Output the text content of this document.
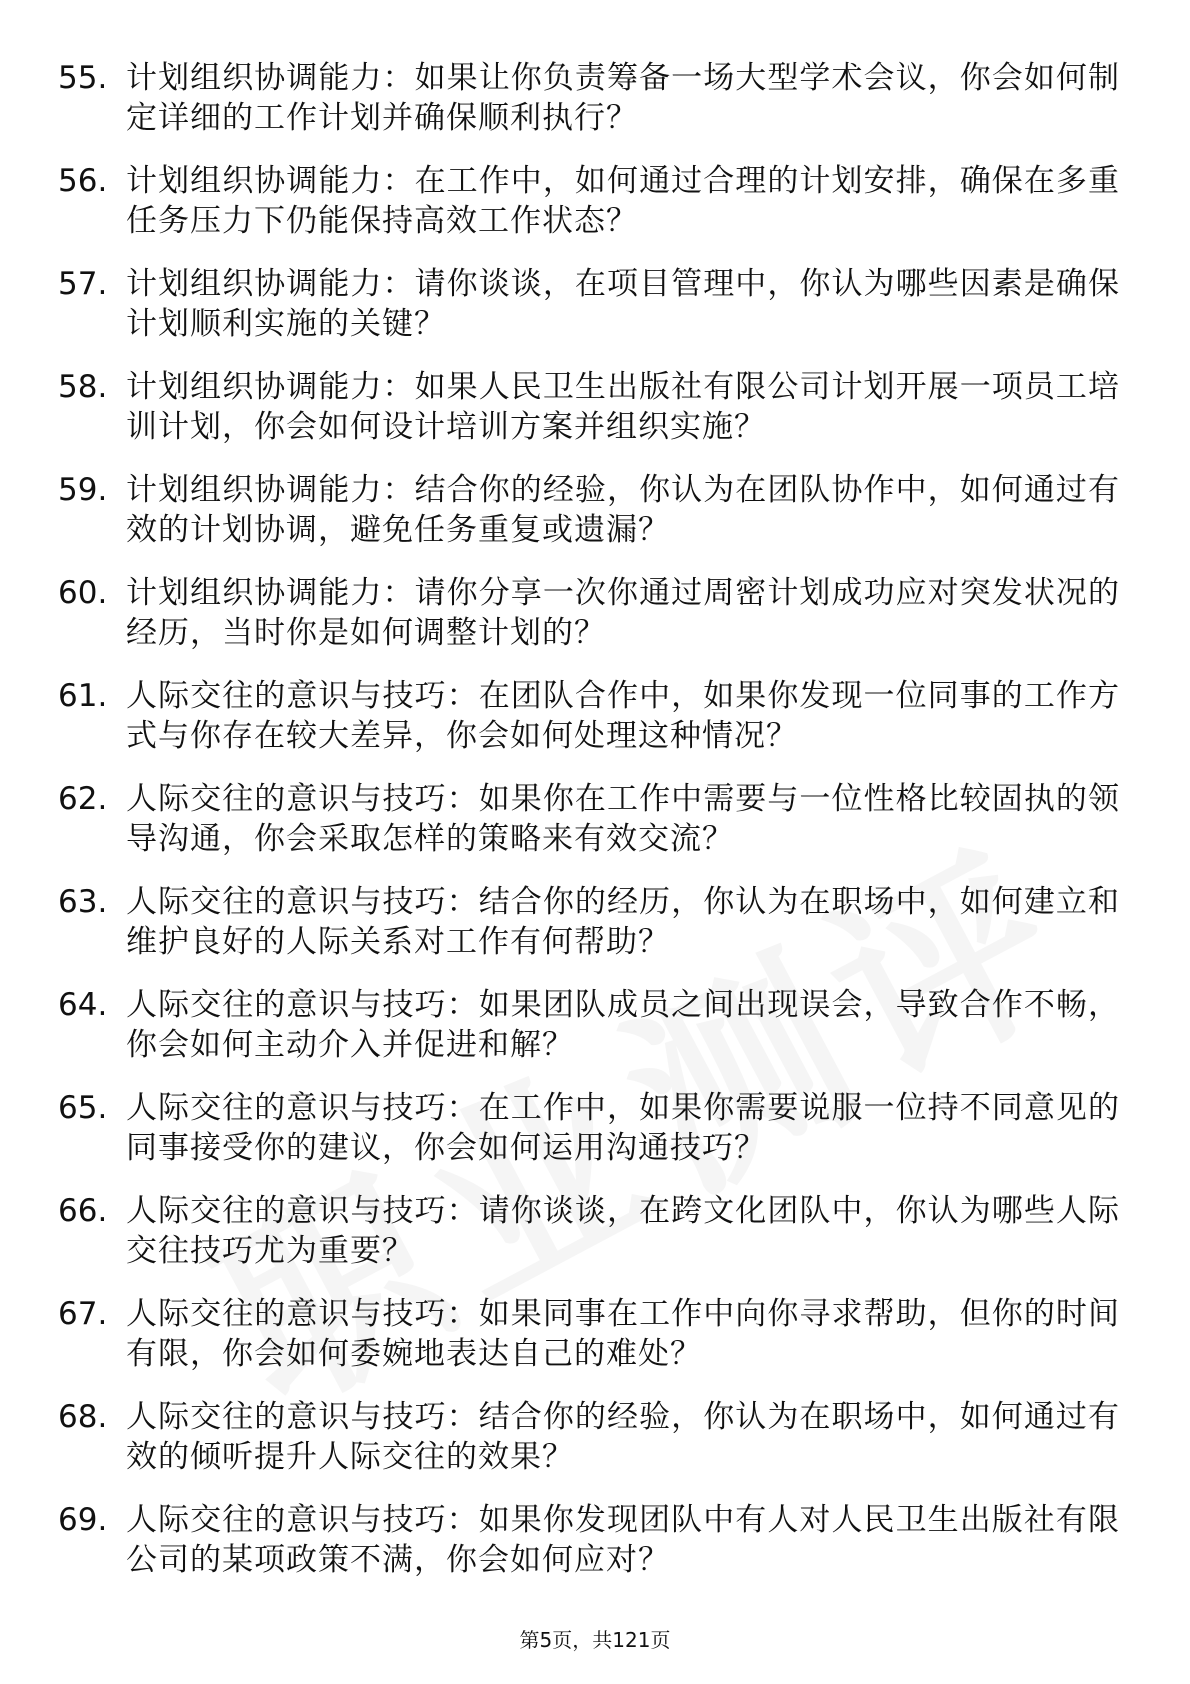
55. 计划组织协调能力：如果让你负责筹备一场大型学术会议，你会如何制定详细的工作计划并确保顺利执行？
56. 计划组织协调能力：在工作中，如何通过合理的计划安排，确保在多重任务压力下仍能保持高效工作状态？
57. 计划组织协调能力：请你谈谈，在项目管理中，你认为哪些因素是确保计划顺利实施的关键？
58. 计划组织协调能力：如果人民卫生出版社有限公司计划开展一项员工培训计划，你会如何设计培训方案并组织实施？
59. 计划组织协调能力：结合你的经验，你认为在团队协作中，如何通过有效的计划协调，避免任务重复或遗漏？
60. 计划组织协调能力：请你分享一次你通过周密计划成功应对突发状况的经历，当时你是如何调整计划的？
61. 人际交往的意识与技巧：在团队合作中，如果你发现一位同事的工作方式与你存在较大差异，你会如何处理这种情况？
62. 人际交往的意识与技巧：如果你在工作中需要与一位性格比较固执的领导沟通，你会采取怎样的策略来有效交流？
63. 人际交往的意识与技巧：结合你的经历，你认为在职场中，如何建立和维护良好的人际关系对工作有何帮助？
64. 人际交往的意识与技巧：如果团队成员之间出现误会，导致合作不畅，你会如何主动介入并促进和解？
65. 人际交往的意识与技巧：在工作中，如果你需要说服一位持不同意见的同事接受你的建议，你会如何运用沟通技巧？
66. 人际交往的意识与技巧：请你谈谈，在跨文化团队中，你认为哪些人际交往技巧尤为重要？
67. 人际交往的意识与技巧：如果同事在工作中向你寻求帮助，但你的时间有限，你会如何委婉地表达自己的难处？
68. 人际交往的意识与技巧：结合你的经验，你认为在职场中，如何通过有效的倾听提升人际交往的效果？
69. 人际交往的意识与技巧：如果你发现团队中有人对人民卫生出版社有限公司的某项政策不满，你会如何应对？
第5页，共121页
